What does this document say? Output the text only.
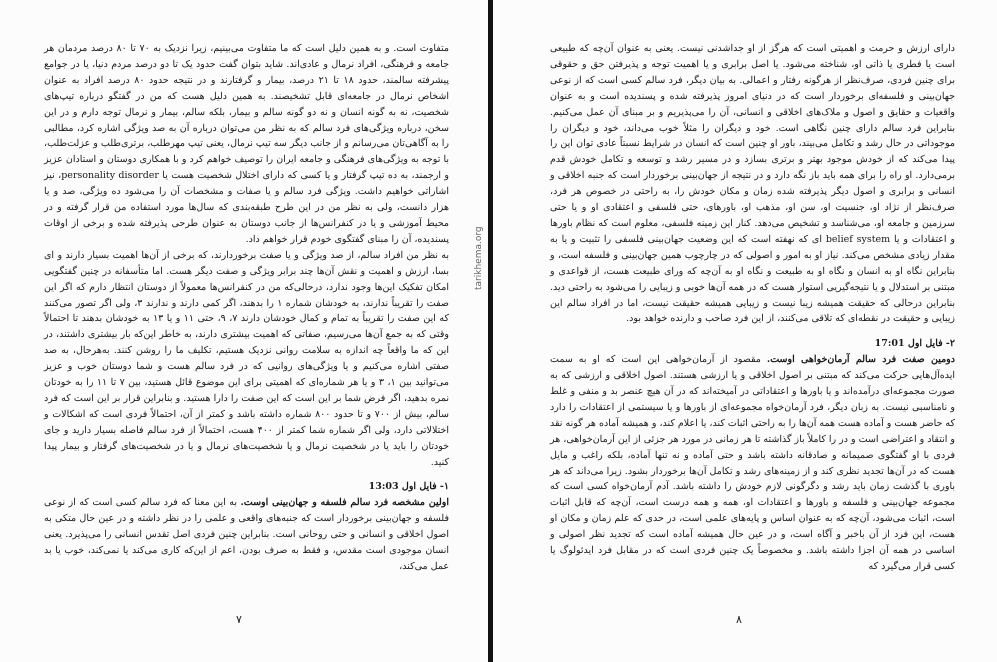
متفاوت است. و به همین دلیل است که ما متفاوت می‌بینیم، زیرا نزدیک به ۷۰ تا ۸۰ درصد مردمان هر جامعه و فرهنگی، افراد نرمال و عادی‌اند. شاید بتوان گفت حدود یک تا دو درصد مردم دنیا، یا در جوامع پیشرفته سالمند، حدود ۱۸ تا ۲۱ درصد، بیمار و گرفتارند و در نتیجه حدود ۸۰ درصد افراد به عنوان اشخاص نرمال در جامعه‌ای قابل تشخیصند. به همین دلیل هست که من در گفتگو درباره تیپ‌های شخصیت، نه به گونه انسان و نه دو گونه سالم و بیمار، بلکه سالم، بیمار و نرمال توجه دارم و در این سخن، درباره ویژگی‌های فرد سالم که به نظر من می‌توان درباره آن به صد ویژگی اشاره کرد، مطالبی را به آگاهی‌تان می‌رسانم و از جانب دیگر سه تیپ نرمال، یعنی تیپ مهرطلب، برتری‌طلب و عزلت‌طلب، با توجه به ویژگی‌های فرهنگی و جامعه ایران را توصیف خواهم کرد و با همکاری دوستان و استادان عزیز و ارجمند، به ده تیپ گرفتار و یا کسی که دارای اختلال شخصیت هست یا personality disorder، نیز اشاراتی خواهیم داشت. ویژگی فرد سالم و یا صفات و مشخصات آن را می‌شود ده ویژگی، صد و یا هزار دانست، ولی به نظر من در این طرح طبقه‌بندی که سال‌ها مورد استفاده من قرار گرفته و در محیط آموزشی و یا در کنفرانس‌ها از جانب دوستان به عنوان طرحی پذیرفته شده و برخی از اوقات پسندیده، آن را مبنای گفتگوی خودم قرار خواهم داد.

به نظر من افراد سالم، از صد ویژگی و یا صفت برخوردارند، که برخی از آن‌ها اهمیت بسیار دارند و ای بسا، ارزش و اهمیت و نقش آن‌ها چند برابر ویژگی و صفت دیگر هست. اما متأسفانه در چنین گفتگویی امکان تفکیک این‌ها وجود ندارد، درحالی‌که من در کنفرانس‌ها معمولاً از دوستان انتظار دارم که اگر این صفت را تقریباً ندارند، به خودشان شماره ۱ را بدهند، اگر کمی دارند و ندارند ۳، ولی اگر تصور می‌کنند که این صفت را تقریباً به تمام و کمال خودشان دارند ۷، ۹، حتی ۱۱ و یا ۱۳ به خودشان بدهند تا احتمالاً وقتی که به جمع آن‌ها می‌رسیم، صفاتی که اهمیت بیشتری دارند، به خاطر این‌که بار بیشتری داشتند، در این که ما واقعاً چه اندازه به سلامت روانی نزدیک هستیم، تکلیف ما را روشن کنند. به‌هرحال، به صد صفتی اشاره می‌کنیم و یا ویژگی‌های روانیی که در فرد سالم هست و شما دوستان خوب و عزیز می‌توانید بین ۱، ۳ و یا هر شماره‌ای که اهمیتی برای این موضوع قائل هستید، بین ۷ تا ۱۱ را به خودتان نمره بدهید، اگر فرض شما بر این است که این صفت را دارا هستید. و بنابراین قرار بر این است که فرد سالم، بیش از ۷۰۰ و تا حدود ۸۰۰ شماره داشته باشد و کمتر از آن، احتمالاً فردی است که اشکالات و اختلالاتی دارد، ولی اگر شماره شما کمتر از ۴۰۰ هست، احتمالاً از فرد سالم فاصله بسیار دارید و جای خودتان را باید یا در شخصیت نرمال و یا شخصیت‌های نرمال و یا در شخصیت‌های گرفتار و بیمار پیدا کنید.

۱- فایل اول 13:03

اولین مشخصه فرد سالم فلسفه و جهان‌بینی اوست. به این معنا که فرد سالم کسی است که از نوعی فلسفه و جهان‌بینی برخوردار است که جنبه‌های واقعی و علمی را در نظر داشته و در عین حال متکی به اصول اخلاقی و انسانی و حتی روحانی است. بنابراین چنین فردی اصل تقدس انسانی را می‌پذیرد. یعنی انسان موجودی است مقدس، و فقط به صرف بودن، اعم از این‌که کاری می‌کند یا نمی‌کند، خوب یا بد عمل می‌کند،

۷
tarikhema.org

دارای ارزش و حرمت و اهمیتی است که هرگز از او جداشدنی نیست. یعنی به عنوان آن‌چه که طبیعی است یا فطری یا ذاتی او، شناخته می‌شود. یا اصل برابری و یا اهمیت توجه و پذیرفتن حق و حقوقی برای چنین فردی، صرف‌نظر از هرگونه رفتار و اعمالی. به بیان دیگر، فرد سالم کسی است که از نوعی جهان‌بینی و فلسفه‌ای برخوردار است که در دنیای امروز پذیرفته شده و پسندیده است و به عنوان واقعیات و حقایق و اصول و ملاک‌های اخلاقی و انسانی، آن را می‌پذیریم و بر مبنای آن عمل می‌کنیم. بنابراین فرد سالم دارای چنین نگاهی است. خود و دیگران را مثلاً خوب می‌داند، خود و دیگران را موجوداتی در حال رشد و تکامل می‌بیند، باور او چنین است که انسان در شرایط نسبتاً عادی توان این را پیدا می‌کند که از خودش موجود بهتر و برتری بسازد و در مسیر رشد و توسعه و تکامل خودش قدم برمی‌دارد. او راه را برای همه باید باز نگه دارد و در نتیجه از جهان‌بینی برخوردار است که جنبه اخلاقی و انسانی و برابری و اصول دیگر پذیرفته شده زمان و مکان خودش را، به راحتی در خصوص هر فرد، صرف‌نظر از نژاد او، جنسیت او، سن او، مذهب او، باورهای، حتی فلسفی و اعتقادی او و یا حتی سرزمین و جامعه او، می‌شناسد و تشخیص می‌دهد. کنار این زمینه فلسفی، معلوم است که نظام باورها و اعتقادات و یا belief system ای که نهفته است که این وضعیت جهان‌بینی فلسفی را تثبیت و یا به مقدار زیادی مشخص می‌کند. نیاز او به امور و اصولی که در چارچوب همین جهان‌بینی و فلسفه است، و بنابراین نگاه او به انسان و نگاه او به طبیعت و نگاه او به آن‌چه که ورای طبیعت هست، از قواعدی و مبتنی بر استدلال و یا نتیجه‌گیریی استوار هست که در همه آن‌ها خوبی و زیبایی را می‌شود به راحتی دید. بنابراین درحالی که حقیقت همیشه زیبا نیست و زیبایی همیشه حقیقت نیست، اما در افراد سالم این زیبایی و حقیقت در نقطه‌ای که تلاقی می‌کنند، از این فرد صاحب و دارنده خواهد بود.

۲- فایل اول 17:01

دومین صفت فرد سالم آرمان‌خواهی اوست. مقصود از آرمان‌خواهی این است که او به سمت ایده‌آل‌هایی حرکت می‌کند که مبتنی بر اصول اخلاقی و یا ارزشی هستند. اصول اخلاقی و ارزشی که به صورت مجموعه‌ای درآمده‌اند و یا باورها و اعتقاداتی در آمیخته‌اند که در آن هیچ عنصر بد و منفی و غلط و نامناسبی نیست. به زبان دیگر، فرد آرمان‌خواه مجموعه‌ای از باورها و یا سیستمی از اعتقادات را دارد که حاضر هست و آماده هست همه آن‌ها را به راحتی اثبات کند، یا اعلام کند، و همیشه آماده هر گونه نقد و انتقاد و اعتراضی است و در را کاملاً باز گذاشته تا هر زمانی در مورد هر جزئی از این آرمان‌خواهی، هر فردی با او گفتگوی صمیمانه و صادقانه داشته باشد و حتی آماده و نه تنها آماده، بلکه راغب و مایل هست که در آن‌ها تجدید نظری کند و از زمینه‌های رشد و تکامل آن‌ها برخوردار بشود. زیرا می‌داند که هر باوری با گذشت زمان باید رشد و دگرگونی لازم خودش را داشته باشد. آدم آرمان‌خواه کسی است که مجموعه جهان‌بینی و فلسفه و باورها و اعتقادات او، همه و همه درست است، آن‌چه که قابل اثبات است، اثبات می‌شود، آن‌چه که به عنوان اساس و پایه‌های علمی است، در حدی که علم زمان و مکان او هست، این فرد از آن باخبر و آگاه است، و در عین حال همیشه آماده است که تجدید نظر اصولی و اساسی در همه آن اجزا داشته باشد. و مخصوصاً یک چنین فردی است که در مقابل فرد ایدئولوگ یا کسی قرار می‌گیرد که

۸
